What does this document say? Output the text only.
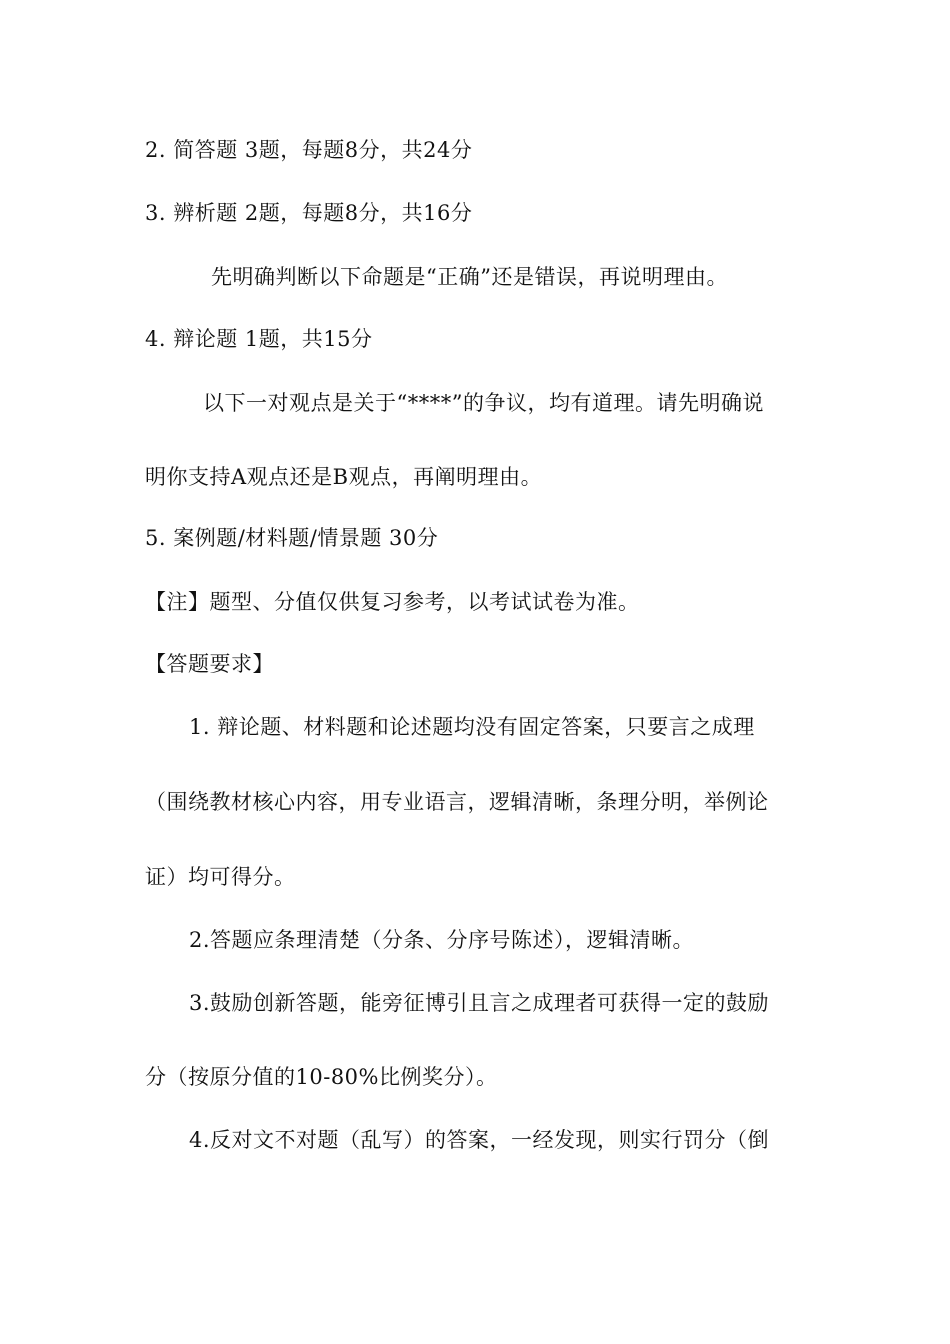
2. 简答题 3题，每题8分，共24分
3. 辨析题 2题，每题8分，共16分
先明确判断以下命题是“正确”还是错误，再说明理由。
4. 辩论题 1题，共15分
以下一对观点是关于“****”的争议，均有道理。请先明确说
明你支持A观点还是B观点，再阐明理由。
5. 案例题/材料题/情景题 30分
【注】题型、分值仅供复习参考，以考试试卷为准。
【答题要求】
1. 辩论题、材料题和论述题均没有固定答案，只要言之成理
（围绕教材核心内容，用专业语言，逻辑清晰，条理分明，举例论
证）均可得分。
2.答题应条理清楚（分条、分序号陈述），逻辑清晰。
3.鼓励创新答题，能旁征博引且言之成理者可获得一定的鼓励
分（按原分值的10-80%比例奖分）。
4.反对文不对题（乱写）的答案，一经发现，则实行罚分（倒
